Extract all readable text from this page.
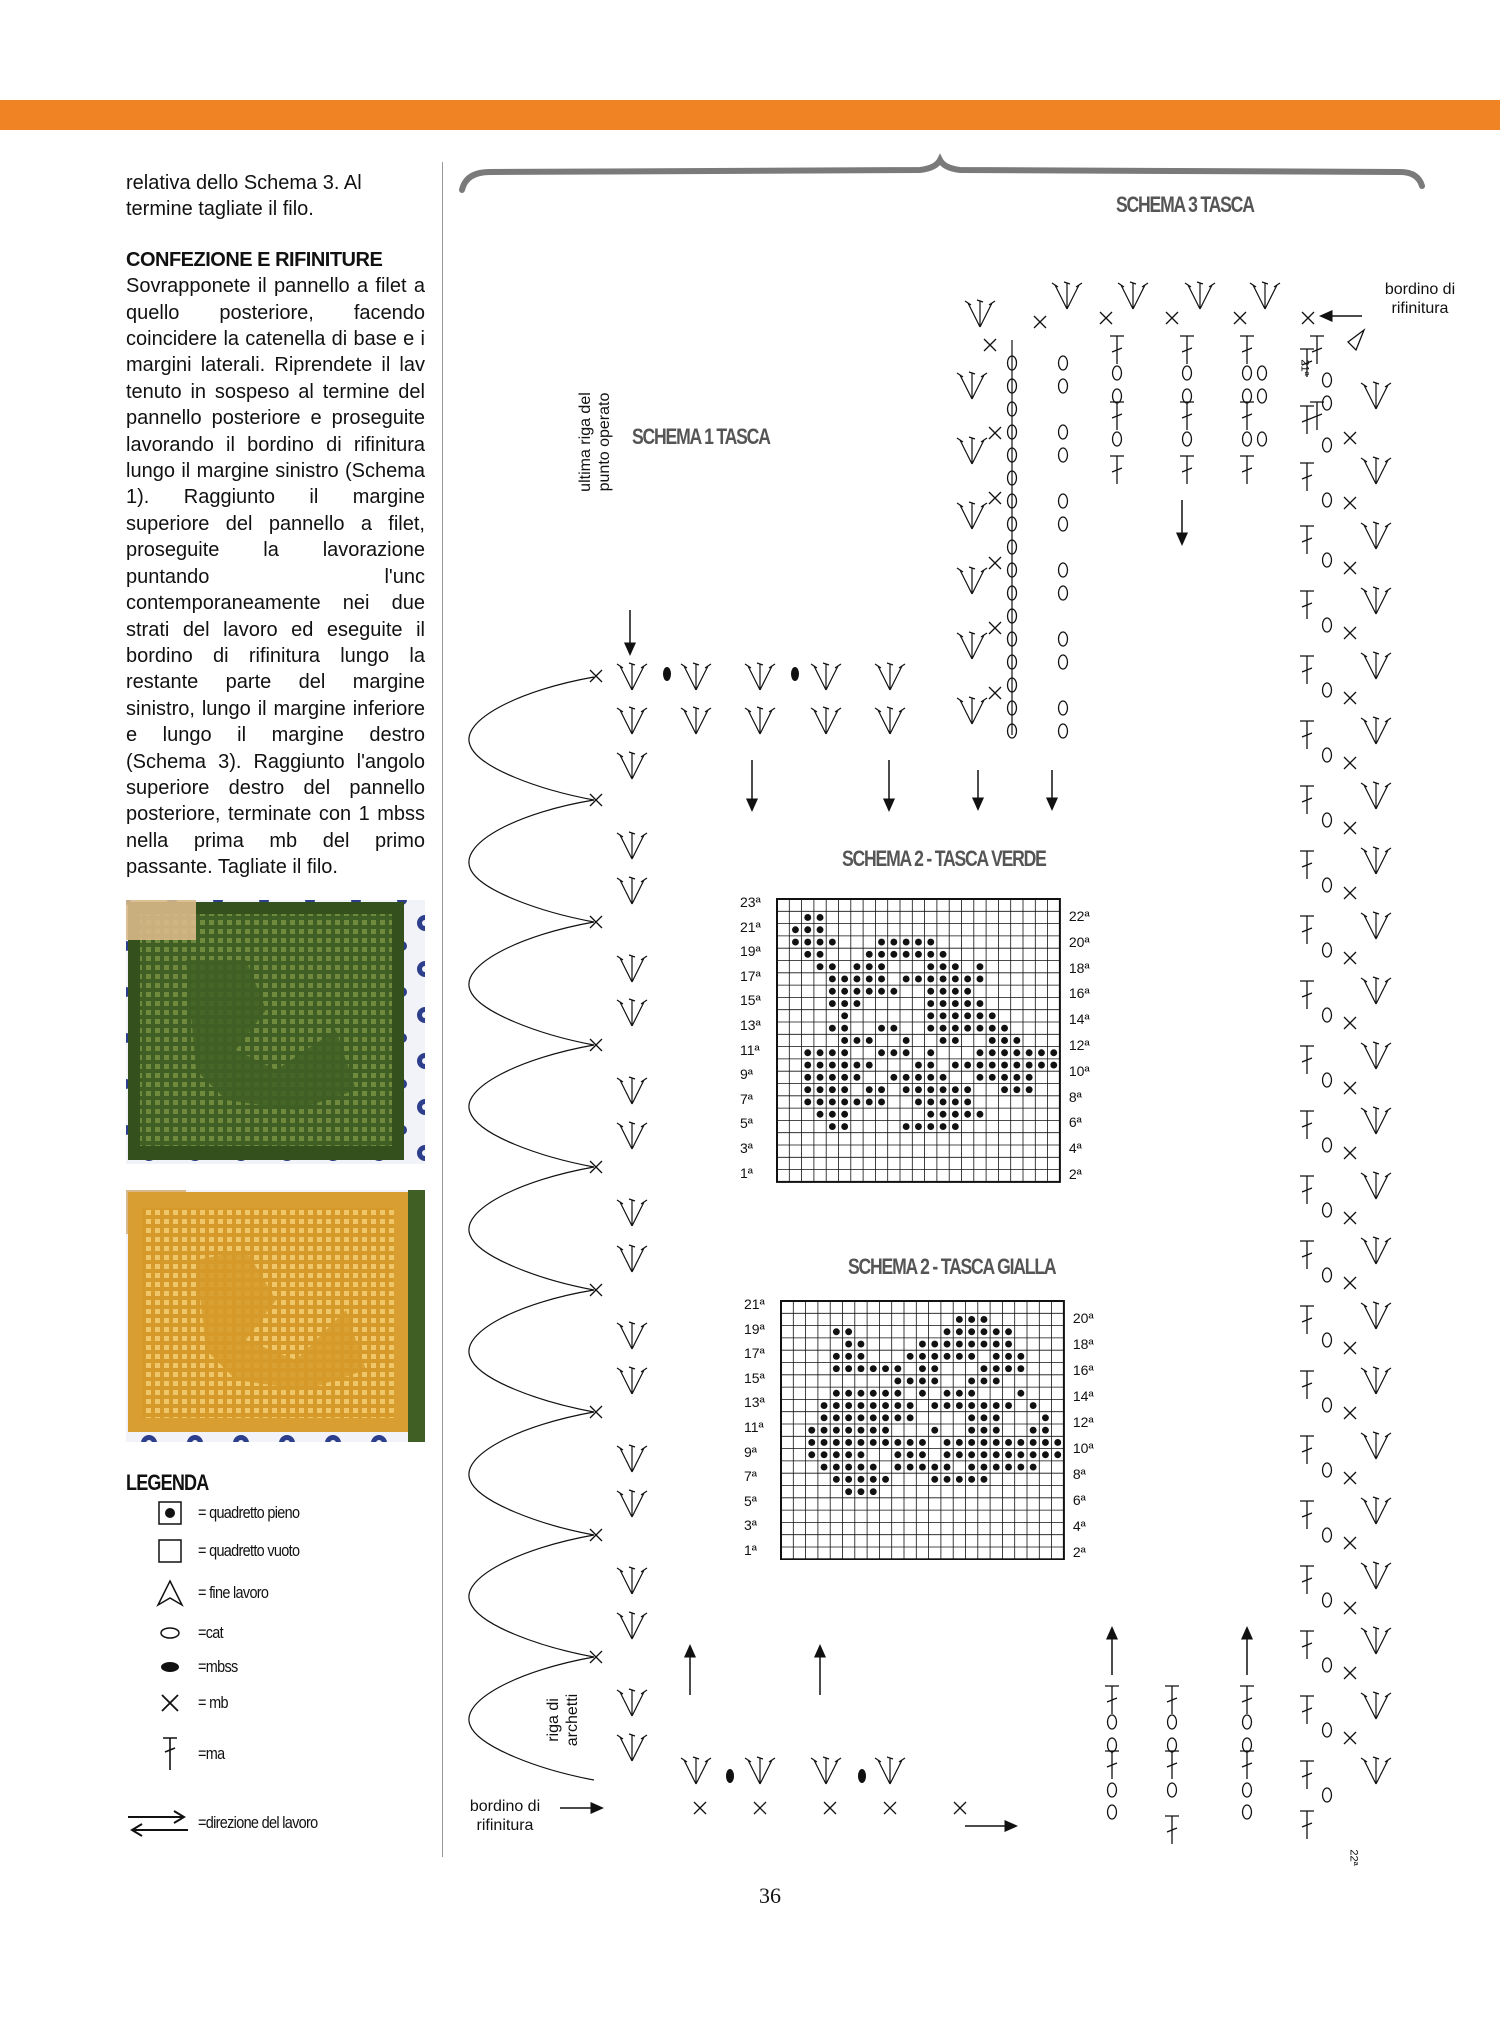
relativa dello Schema 3. Al termine tagliate il filo.

CONFEZIONE E RIFINITURE

Sovrapponete il pannello a filet a quello posteriore, facendo coincidere la catenella di base e i margini laterali. Riprendete il lav tenuto in sospeso al termine del pannello posteriore e proseguite lavorando il bordino di rifinitura lungo il margine sinistro (Schema 1). Raggiunto il margine superiore del pannello a filet, proseguite la lavorazione puntando l'unc contemporaneamente nei due strati del lavoro ed eseguite il bordino di rifinitura lungo la restante parte del margine sinistro, lungo il margine inferiore e lungo il margine destro (Schema 3). Raggiunto l'angolo superiore destro del pannello posteriore, terminate con 1 mbss nella prima mb del primo passante. Tagliate il filo.

LEGENDA
= quadretto pieno
= quadretto vuoto
= fine lavoro
=cat
=mbss
= mb
=ma
=direzione del lavoro
SCHEMA 3 TASCA
SCHEMA 1 TASCA
ultima riga del punto operato
riga di archetti
bordino di rifinitura
bordino di rifinitura
21ª
22ª
SCHEMA 2 - TASCA VERDE
23ª
21ª
19ª
17ª
15ª
13ª
11ª
9ª
7ª
5ª
3ª
1ª
22ª
20ª
18ª
16ª
14ª
12ª
10ª
8ª
6ª
4ª
2ª
SCHEMA 2 - TASCA GIALLA
21ª
19ª
17ª
15ª
13ª
11ª
9ª
7ª
5ª
3ª
1ª
20ª
18ª
16ª
14ª
12ª
10ª
8ª
6ª
4ª
2ª
36
